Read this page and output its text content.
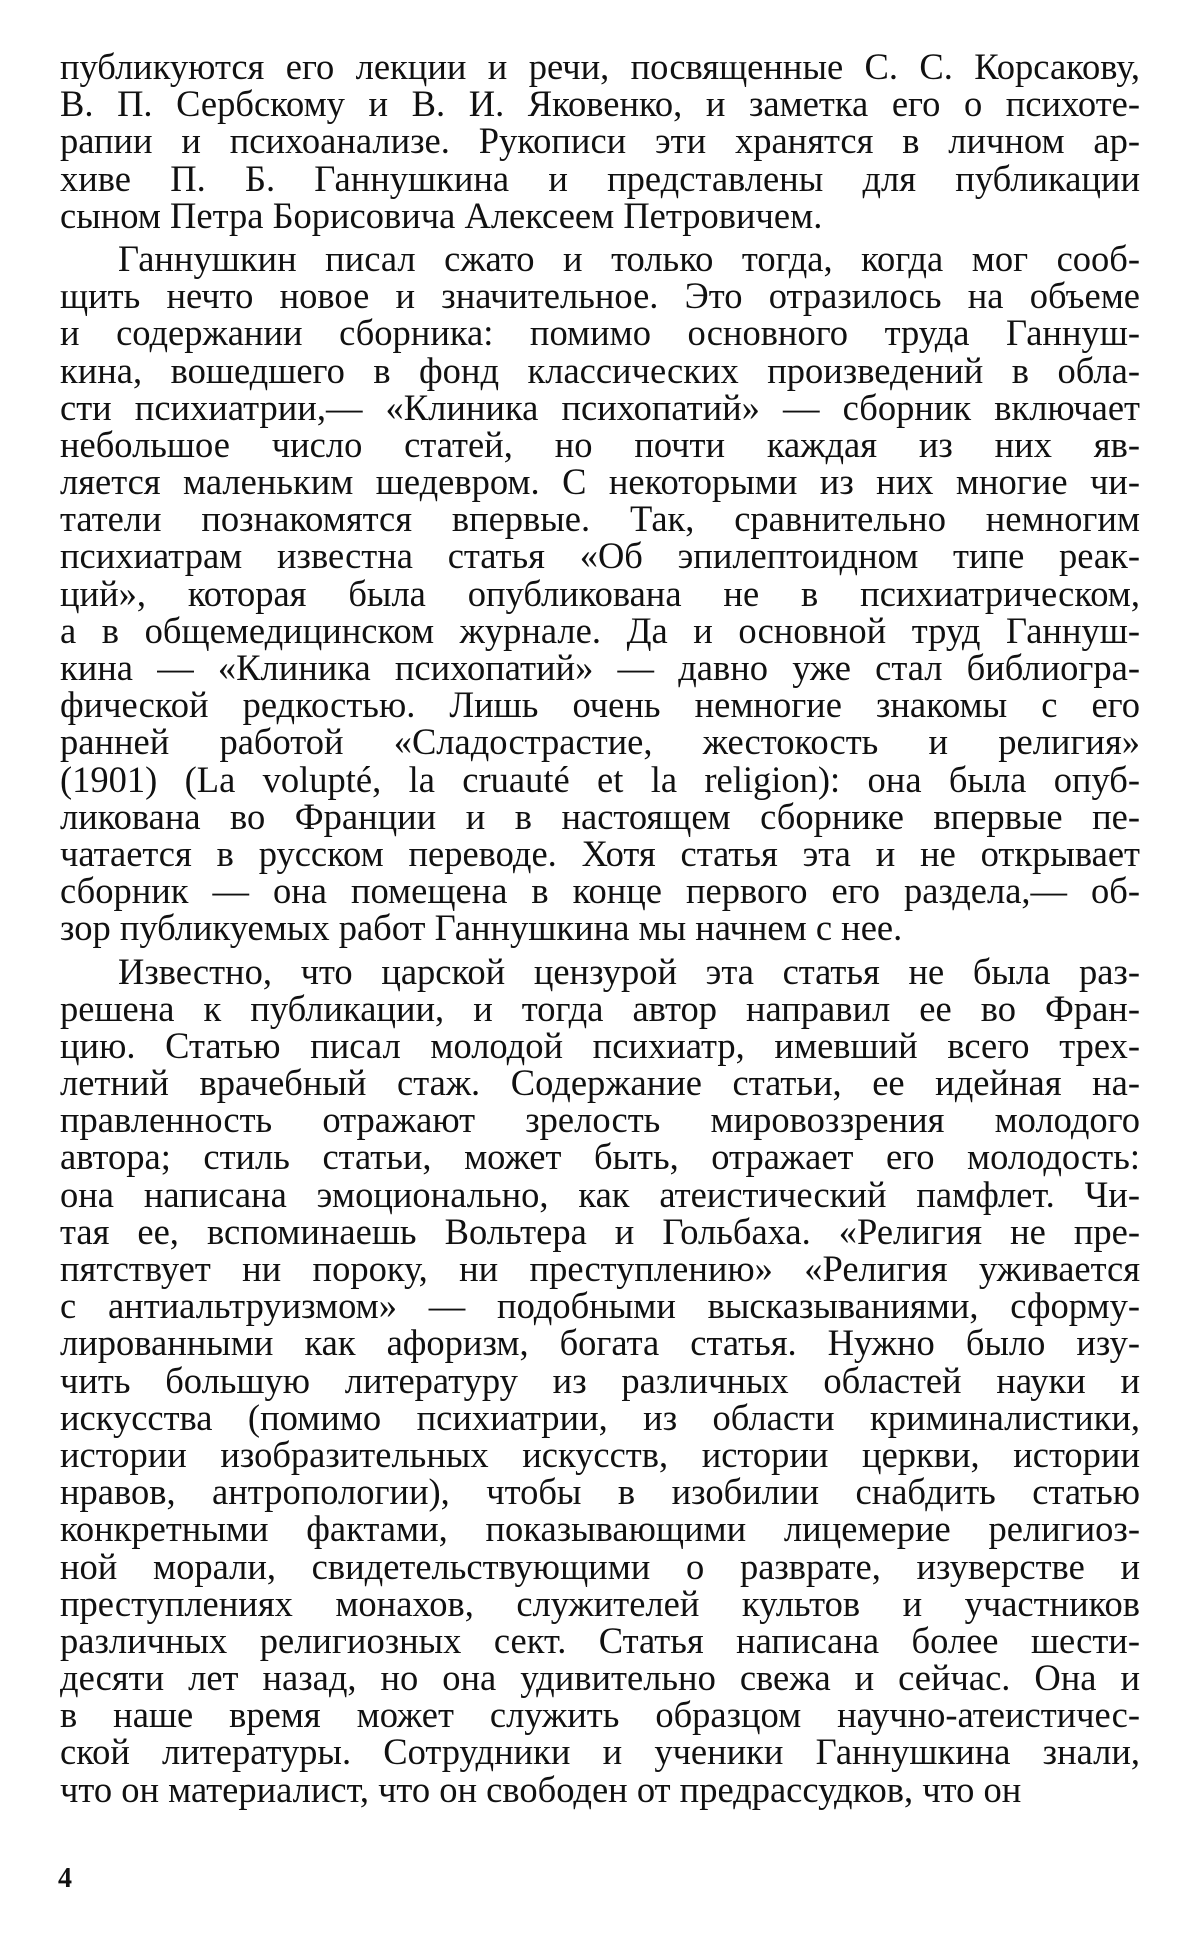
публикуются его лекции и речи, посвященные С. С. Корсакову,
В. П. Сербскому и В. И. Яковенко, и заметка его о психоте-
рапии и психоанализе. Рукописи эти хранятся в личном ар-
хиве П. Б. Ганнушкина и представлены для публикации
сыном Петра Борисовича Алексеем Петровичем.
Ганнушкин писал сжато и только тогда, когда мог сооб-
щить нечто новое и значительное. Это отразилось на объеме
и содержании сборника: помимо основного труда Ганнуш-
кина, вошедшего в фонд классических произведений в обла-
сти психиатрии,— «Клиника психопатий» — сборник включает
небольшое число статей, но почти каждая из них яв-
ляется маленьким шедевром. С некоторыми из них многие чи-
татели познакомятся впервые. Так, сравнительно немногим
психиатрам известна статья «Об эпилептоидном типе реак-
ций», которая была опубликована не в психиатрическом,
а в общемедицинском журнале. Да и основной труд Ганнуш-
кина — «Клиника психопатий» — давно уже стал библиогра-
фической редкостью. Лишь очень немногие знакомы с его
ранней работой «Сладострастие, жестокость и религия»
(1901) (La volupté, la cruauté et la religion): она была опуб-
ликована во Франции и в настоящем сборнике впервые пе-
чатается в русском переводе. Хотя статья эта и не открывает
сборник — она помещена в конце первого его раздела,— об-
зор публикуемых работ Ганнушкина мы начнем с нее.
Известно, что царской цензурой эта статья не была раз-
решена к публикации, и тогда автор направил ее во Фран-
цию. Статью писал молодой психиатр, имевший всего трех-
летний врачебный стаж. Содержание статьи, ее идейная на-
правленность отражают зрелость мировоззрения молодого
автора; стиль статьи, может быть, отражает его молодость:
она написана эмоционально, как атеистический памфлет. Чи-
тая ее, вспоминаешь Вольтера и Гольбаха. «Религия не пре-
пятствует ни пороку, ни преступлению» «Религия уживается
с антиальтруизмом» — подобными высказываниями, сформу-
лированными как афоризм, богата статья. Нужно было изу-
чить большую литературу из различных областей науки и
искусства (помимо психиатрии, из области криминалистики,
истории изобразительных искусств, истории церкви, истории
нравов, антропологии), чтобы в изобилии снабдить статью
конкретными фактами, показывающими лицемерие религиоз-
ной морали, свидетельствующими о разврате, изуверстве и
преступлениях монахов, служителей культов и участников
различных религиозных сект. Статья написана более шести-
десяти лет назад, но она удивительно свежа и сейчас. Она и
в наше время может служить образцом научно-атеистичес-
ской литературы. Сотрудники и ученики Ганнушкина знали,
что он материалист, что он свободен от предрассудков, что он
4
